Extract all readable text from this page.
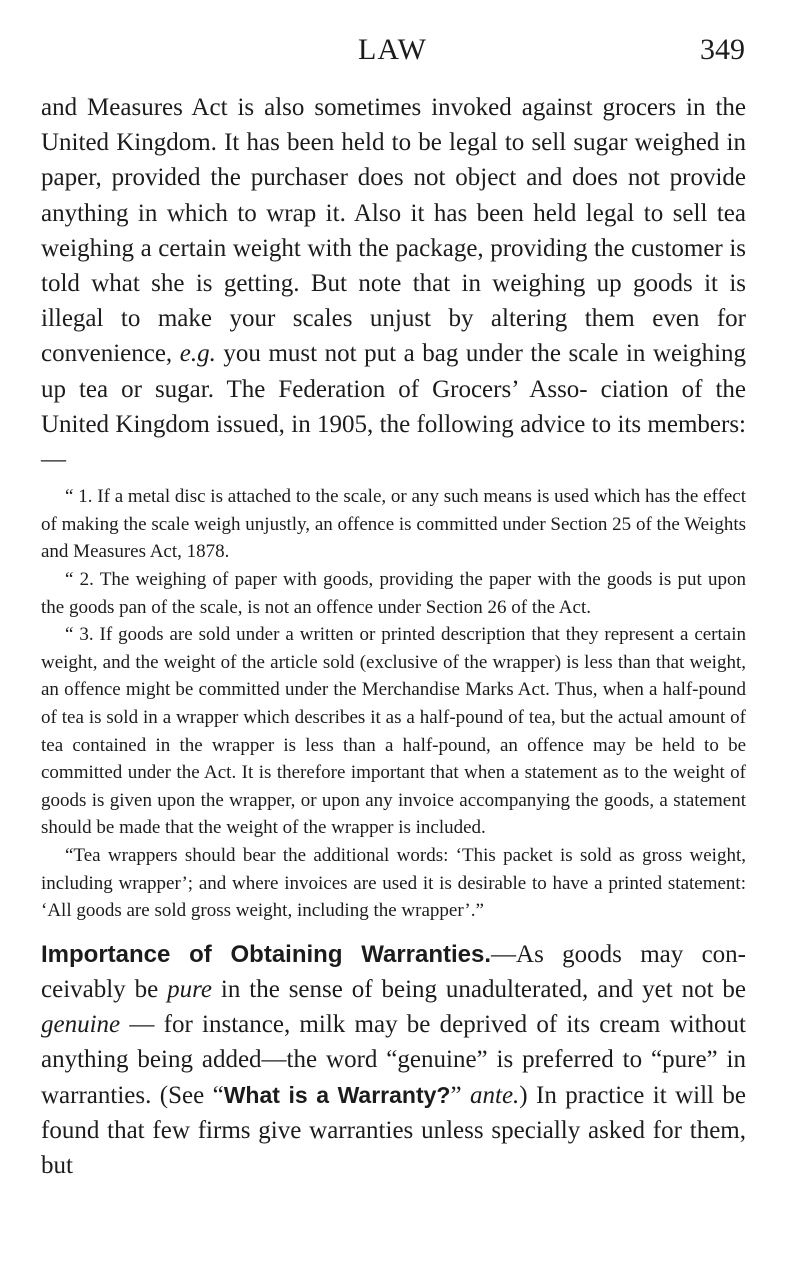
LAW	349

and Measures Act is also sometimes invoked against grocers in the United Kingdom. It has been held to be legal to sell sugar weighed in paper, provided the purchaser does not object and does not provide anything in which to wrap it. Also it has been held legal to sell tea weighing a certain weight with the package, providing the customer is told what she is getting. But note that in weighing up goods it is illegal to make your scales unjust by altering them even for convenience, e.g. you must not put a bag under the scale in weighing up tea or sugar. The Federation of Grocers’ Asso- ciation of the United Kingdom issued, in 1905, the following advice to its members:—

“ 1. If a metal disc is attached to the scale, or any such means is used which has the effect of making the scale weigh unjustly, an offence is committed under Section 25 of the Weights and Measures Act, 1878.

“ 2. The weighing of paper with goods, providing the paper with the goods is put upon the goods pan of the scale, is not an offence under Section 26 of the Act.

“ 3. If goods are sold under a written or printed description that they represent a certain weight, and the weight of the article sold (exclusive of the wrapper) is less than that weight, an offence might be committed under the Merchandise Marks Act. Thus, when a half-pound of tea is sold in a wrapper which describes it as a half-pound of tea, but the actual amount of tea contained in the wrapper is less than a half-pound, an offence may be held to be committed under the Act. It is therefore important that when a statement as to the weight of goods is given upon the wrapper, or upon any invoice accompanying the goods, a statement should be made that the weight of the wrapper is included.

“Tea wrappers should bear the additional words: ‘This packet is sold as gross weight, including wrapper’; and where invoices are used it is desirable to have a printed statement: ‘All goods are sold gross weight, including the wrapper’.”

Importance of Obtaining Warranties.—As goods may con- ceivably be pure in the sense of being unadulterated, and yet not be genuine — for instance, milk may be deprived of its cream without anything being added—the word “genuine” is preferred to “pure” in warranties. (See “What is a Warranty?” ante.) In practice it will be found that few firms give warranties unless specially asked for them, but
